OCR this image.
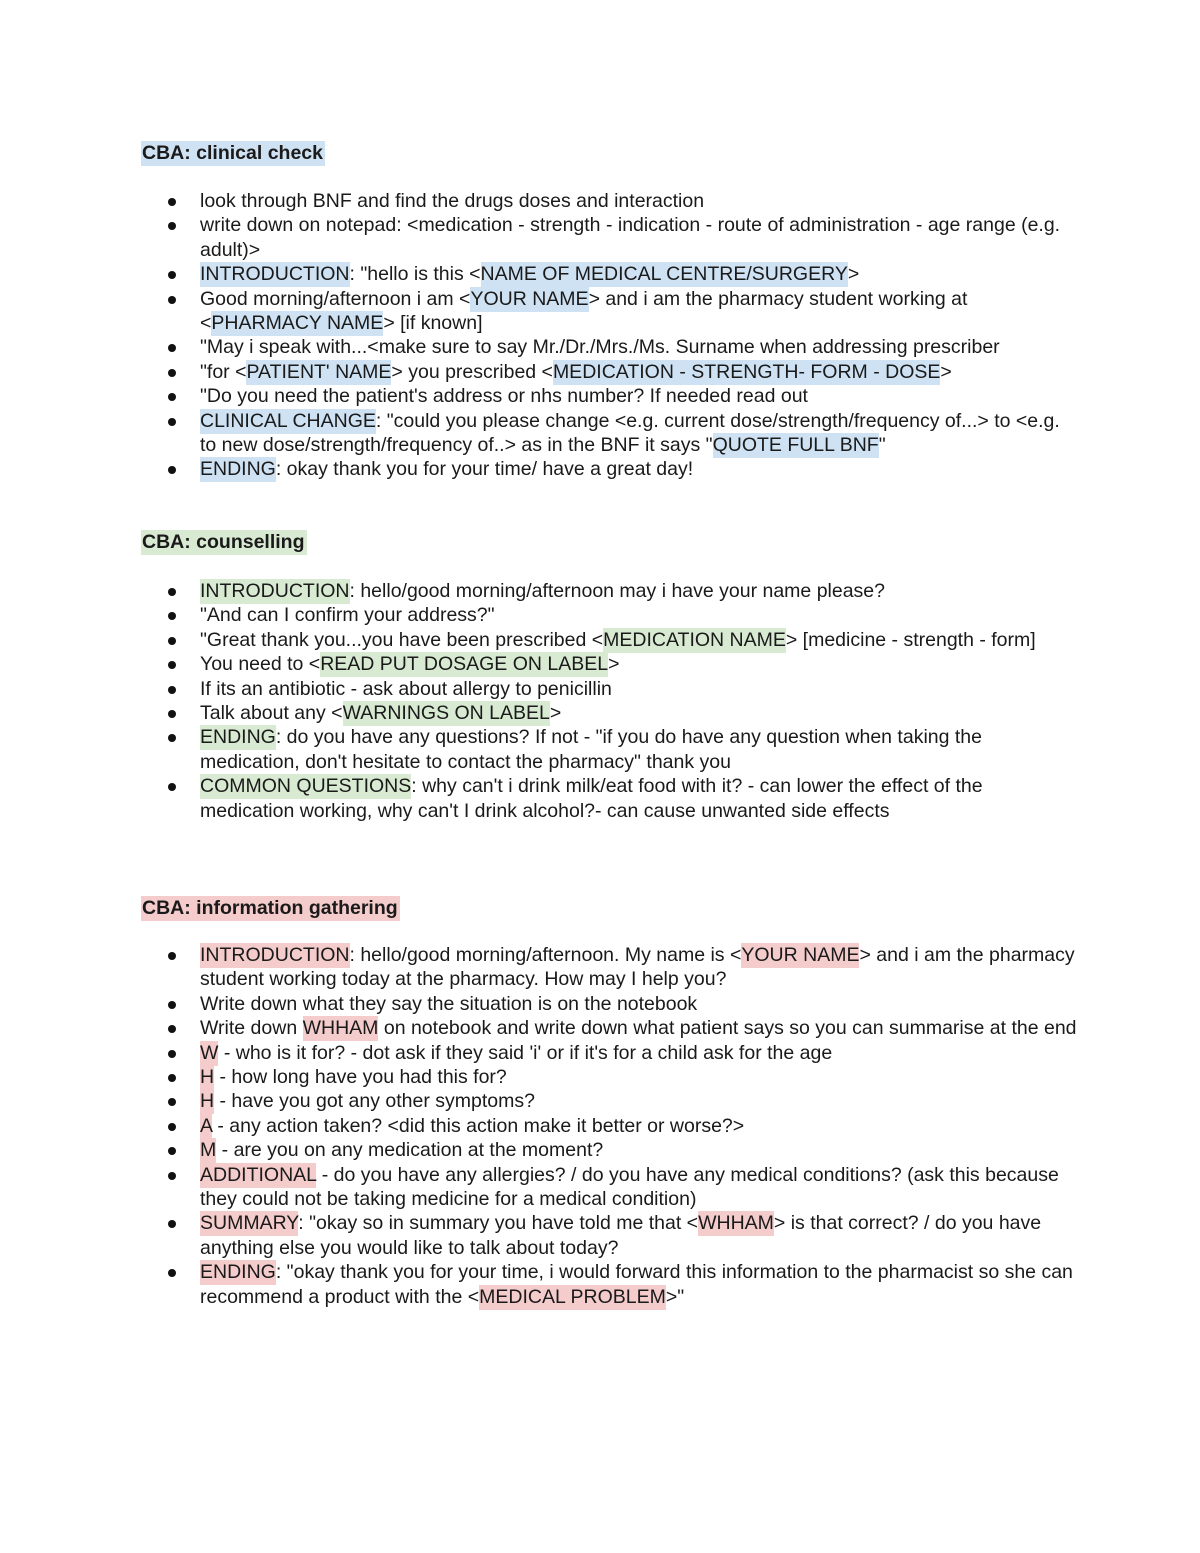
CBA: clinical check
look through BNF and find the drugs doses and interaction
write down on notepad: <medication - strength - indication - route of administration - age range (e.g. adult)>
INTRODUCTION: "hello is this <NAME OF MEDICAL CENTRE/SURGERY>
Good morning/afternoon i am <YOUR NAME> and i am the pharmacy student working at <PHARMACY NAME> [if known]
"May i speak with...<make sure to say Mr./Dr./Mrs./Ms. Surname when addressing prescriber
"for <PATIENT' NAME> you prescribed <MEDICATION - STRENGTH- FORM - DOSE>
"Do you need the patient's address or nhs number? If needed read out
CLINICAL CHANGE: "could you please change <e.g. current dose/strength/frequency of...> to <e.g. to new dose/strength/frequency of..> as in the BNF it says "QUOTE FULL BNF"
ENDING: okay thank you for your time/ have a great day!
CBA: counselling
INTRODUCTION: hello/good morning/afternoon may i have your name please?
"And can I confirm your address?"
"Great thank you...you have been prescribed <MEDICATION NAME> [medicine - strength - form]
You need to <READ PUT DOSAGE ON LABEL>
If its an antibiotic - ask about allergy to penicillin
Talk about any <WARNINGS ON LABEL>
ENDING: do you have any questions? If not - "if you do have any question when taking the medication, don't hesitate to contact the pharmacy" thank you
COMMON QUESTIONS: why can't i drink milk/eat food with it? - can lower the effect of the medication working, why can't I drink alcohol?- can cause unwanted side effects
CBA: information gathering
INTRODUCTION: hello/good morning/afternoon. My name is <YOUR NAME> and i am the pharmacy student working today at the pharmacy. How may I help you?
Write down what they say the situation is on the notebook
Write down WHHAM on notebook and write down what patient says so you can summarise at the end
W - who is it for? - dot ask if they said 'i' or if it's for a child ask for the age
H - how long have you had this for?
H - have you got any other symptoms?
A - any action taken? <did this action make it better or worse?>
M - are you on any medication at the moment?
ADDITIONAL - do you have any allergies? / do you have any medical conditions? (ask this because they could not be taking medicine for a medical condition)
SUMMARY: "okay so in summary you have told me that <WHHAM> is that correct? / do you have anything else you would like to talk about today?
ENDING: "okay thank you for your time, i would forward this information to the pharmacist so she can recommend a product with the <MEDICAL PROBLEM>"
